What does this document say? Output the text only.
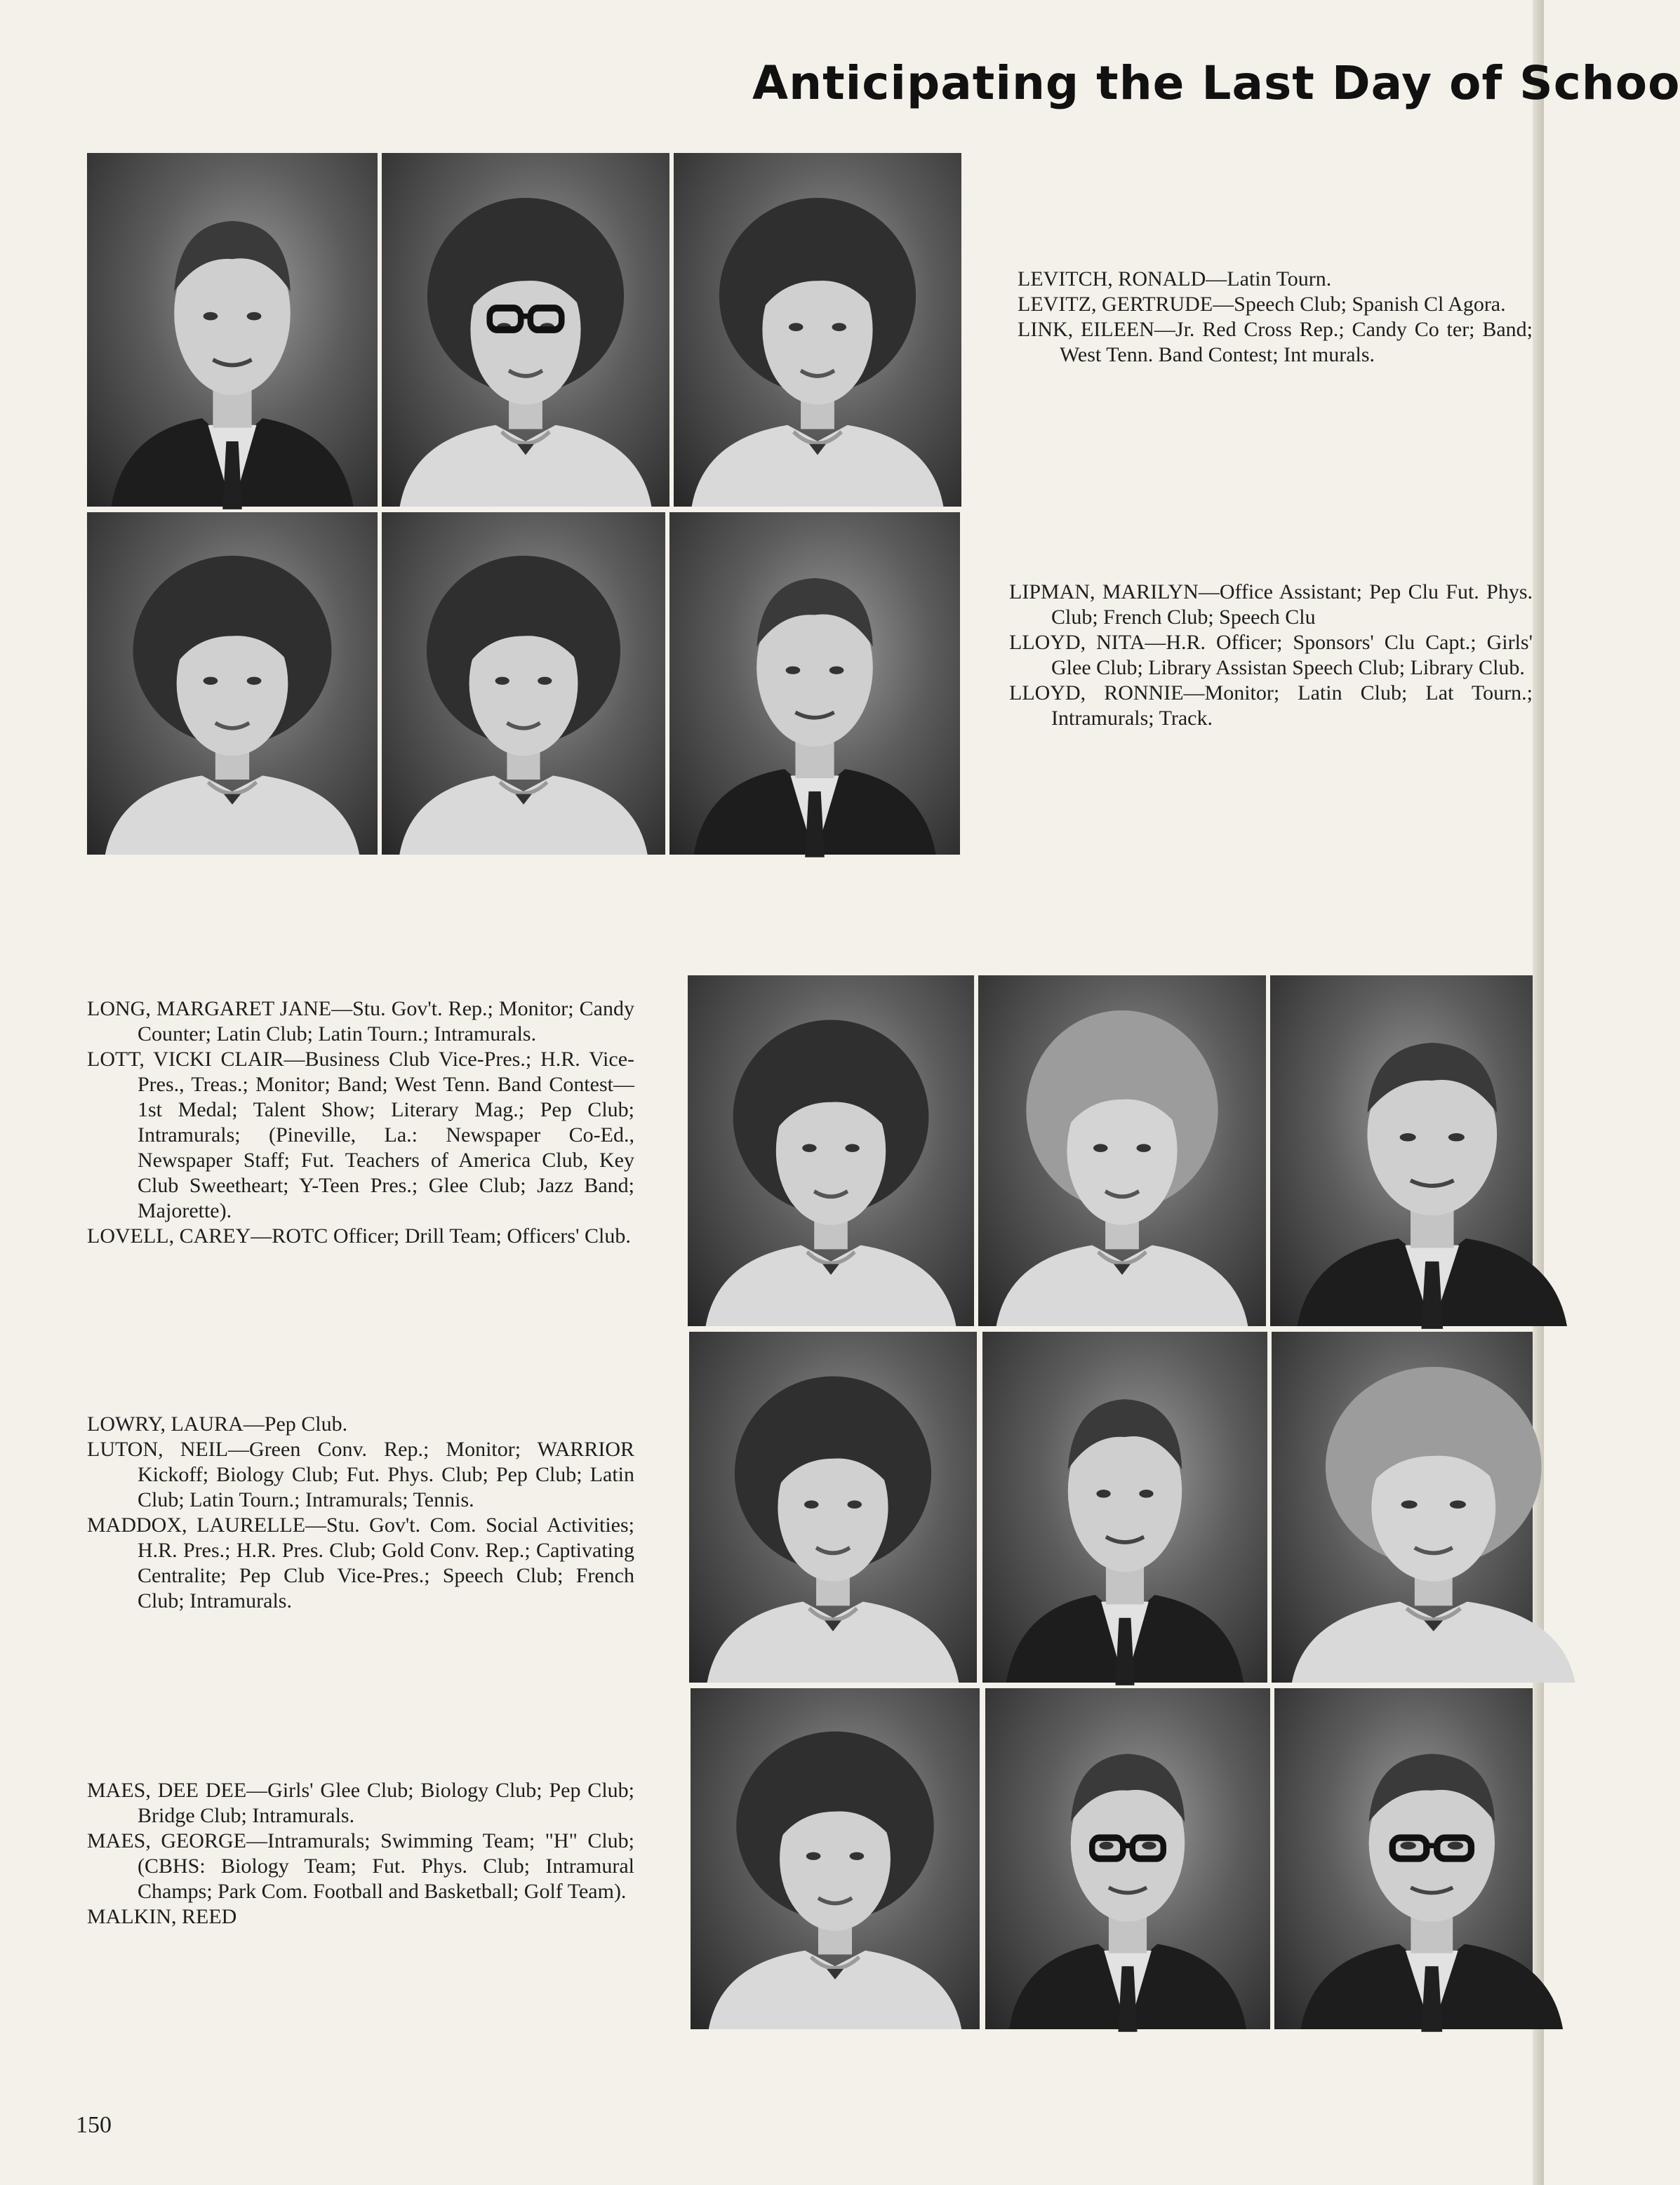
Anticipating the Last Day of Schoo

LEVITCH, RONALD—Latin Tourn.

LEVITZ, GERTRUDE—Speech Club; Spanish Cl Agora.

LINK, EILEEN—Jr. Red Cross Rep.; Candy Co ter; Band; West Tenn. Band Contest; Int murals.

LIPMAN, MARILYN—Office Assistant; Pep Clu Fut. Phys. Club; French Club; Speech Clu

LLOYD, NITA—H.R. Officer; Sponsors' Clu Capt.; Girls' Glee Club; Library Assistan Speech Club; Library Club.

LLOYD, RONNIE—Monitor; Latin Club; Lat Tourn.; Intramurals; Track.

LONG, MARGARET JANE—Stu. Gov't. Rep.; Monitor; Candy Counter; Latin Club; Latin Tourn.; Intramurals.

LOTT, VICKI CLAIR—Business Club Vice-Pres.; H.R. Vice-Pres., Treas.; Monitor; Band; West Tenn. Band Contest—1st Medal; Talent Show; Literary Mag.; Pep Club; Intramurals; (Pineville, La.: Newspaper Co-Ed., Newspaper Staff; Fut. Teachers of America Club, Key Club Sweetheart; Y-Teen Pres.; Glee Club; Jazz Band; Majorette).

LOVELL, CAREY—ROTC Officer; Drill Team; Officers' Club.

LOWRY, LAURA—Pep Club.

LUTON, NEIL—Green Conv. Rep.; Monitor; WARRIOR Kickoff; Biology Club; Fut. Phys. Club; Pep Club; Latin Club; Latin Tourn.; Intramurals; Tennis.

MADDOX, LAURELLE—Stu. Gov't. Com. Social Activities; H.R. Pres.; H.R. Pres. Club; Gold Conv. Rep.; Captivating Centralite; Pep Club Vice-Pres.; Speech Club; French Club; Intramurals.

MAES, DEE DEE—Girls' Glee Club; Biology Club; Pep Club; Bridge Club; Intramurals.

MAES, GEORGE—Intramurals; Swimming Team; "H" Club; (CBHS: Biology Team; Fut. Phys. Club; Intramural Champs; Park Com. Football and Basketball; Golf Team).

MALKIN, REED

150
